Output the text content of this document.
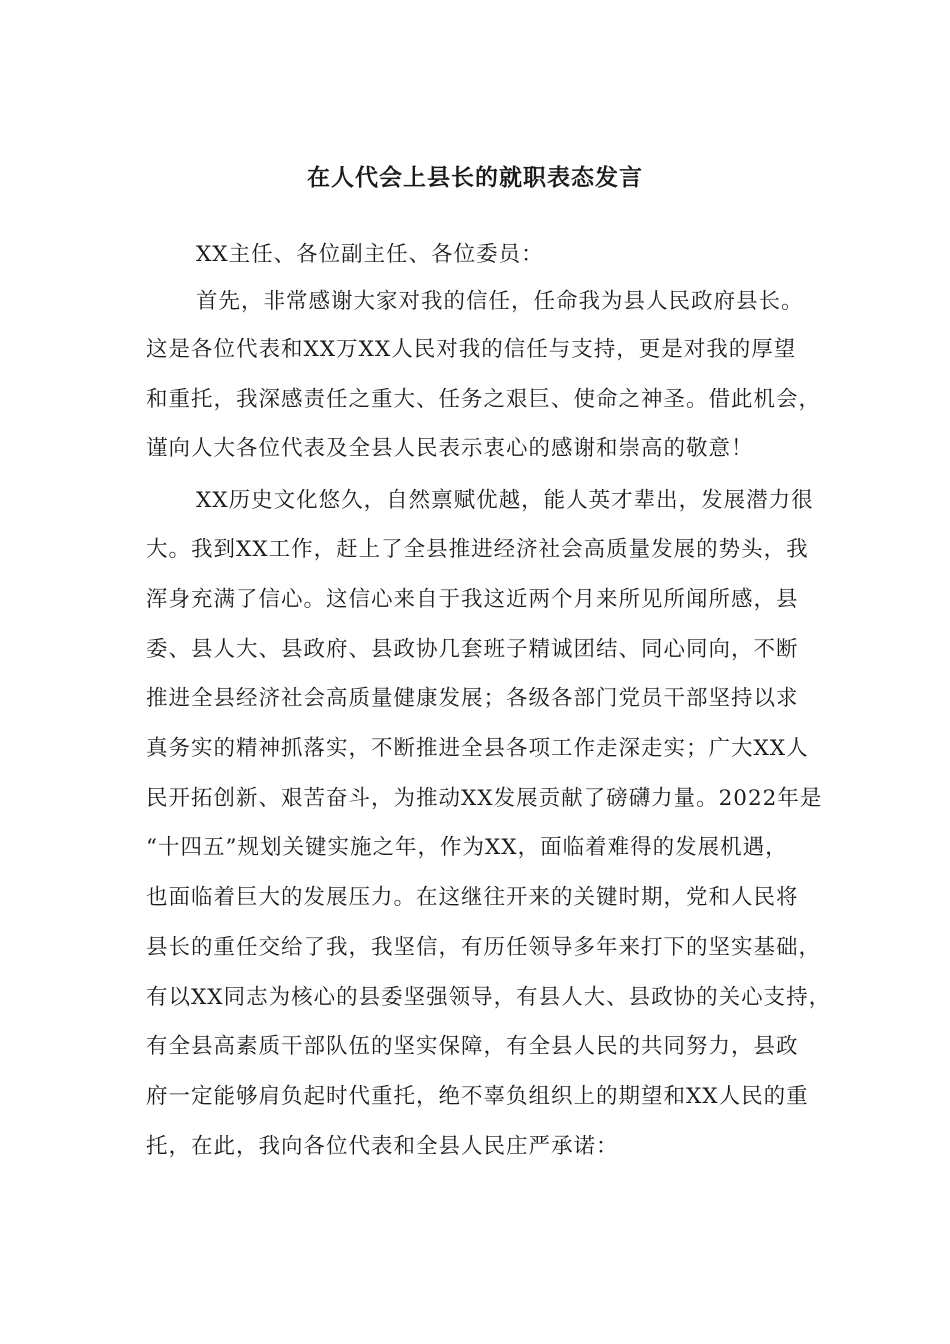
在人代会上县长的就职表态发言
XX主任、各位副主任、各位委员：
首先，非常感谢大家对我的信任，任命我为县人民政府县长。
这是各位代表和XX万XX人民对我的信任与支持，更是对我的厚望
和重托，我深感责任之重大、任务之艰巨、使命之神圣。借此机会，
谨向人大各位代表及全县人民表示衷心的感谢和崇高的敬意！
XX历史文化悠久，自然禀赋优越，能人英才辈出，发展潜力很
大。我到XX工作，赶上了全县推进经济社会高质量发展的势头，我
浑身充满了信心。这信心来自于我这近两个月来所见所闻所感，县
委、县人大、县政府、县政协几套班子精诚团结、同心同向，不断
推进全县经济社会高质量健康发展；各级各部门党员干部坚持以求
真务实的精神抓落实，不断推进全县各项工作走深走实；广大XX人
民开拓创新、艰苦奋斗，为推动XX发展贡献了磅礴力量。2022年是
“十四五”规划关键实施之年，作为XX，面临着难得的发展机遇，
也面临着巨大的发展压力。在这继往开来的关键时期，党和人民将
县长的重任交给了我，我坚信，有历任领导多年来打下的坚实基础，
有以XX同志为核心的县委坚强领导，有县人大、县政协的关心支持，
有全县高素质干部队伍的坚实保障，有全县人民的共同努力，县政
府一定能够肩负起时代重托，绝不辜负组织上的期望和XX人民的重
托，在此，我向各位代表和全县人民庄严承诺：
